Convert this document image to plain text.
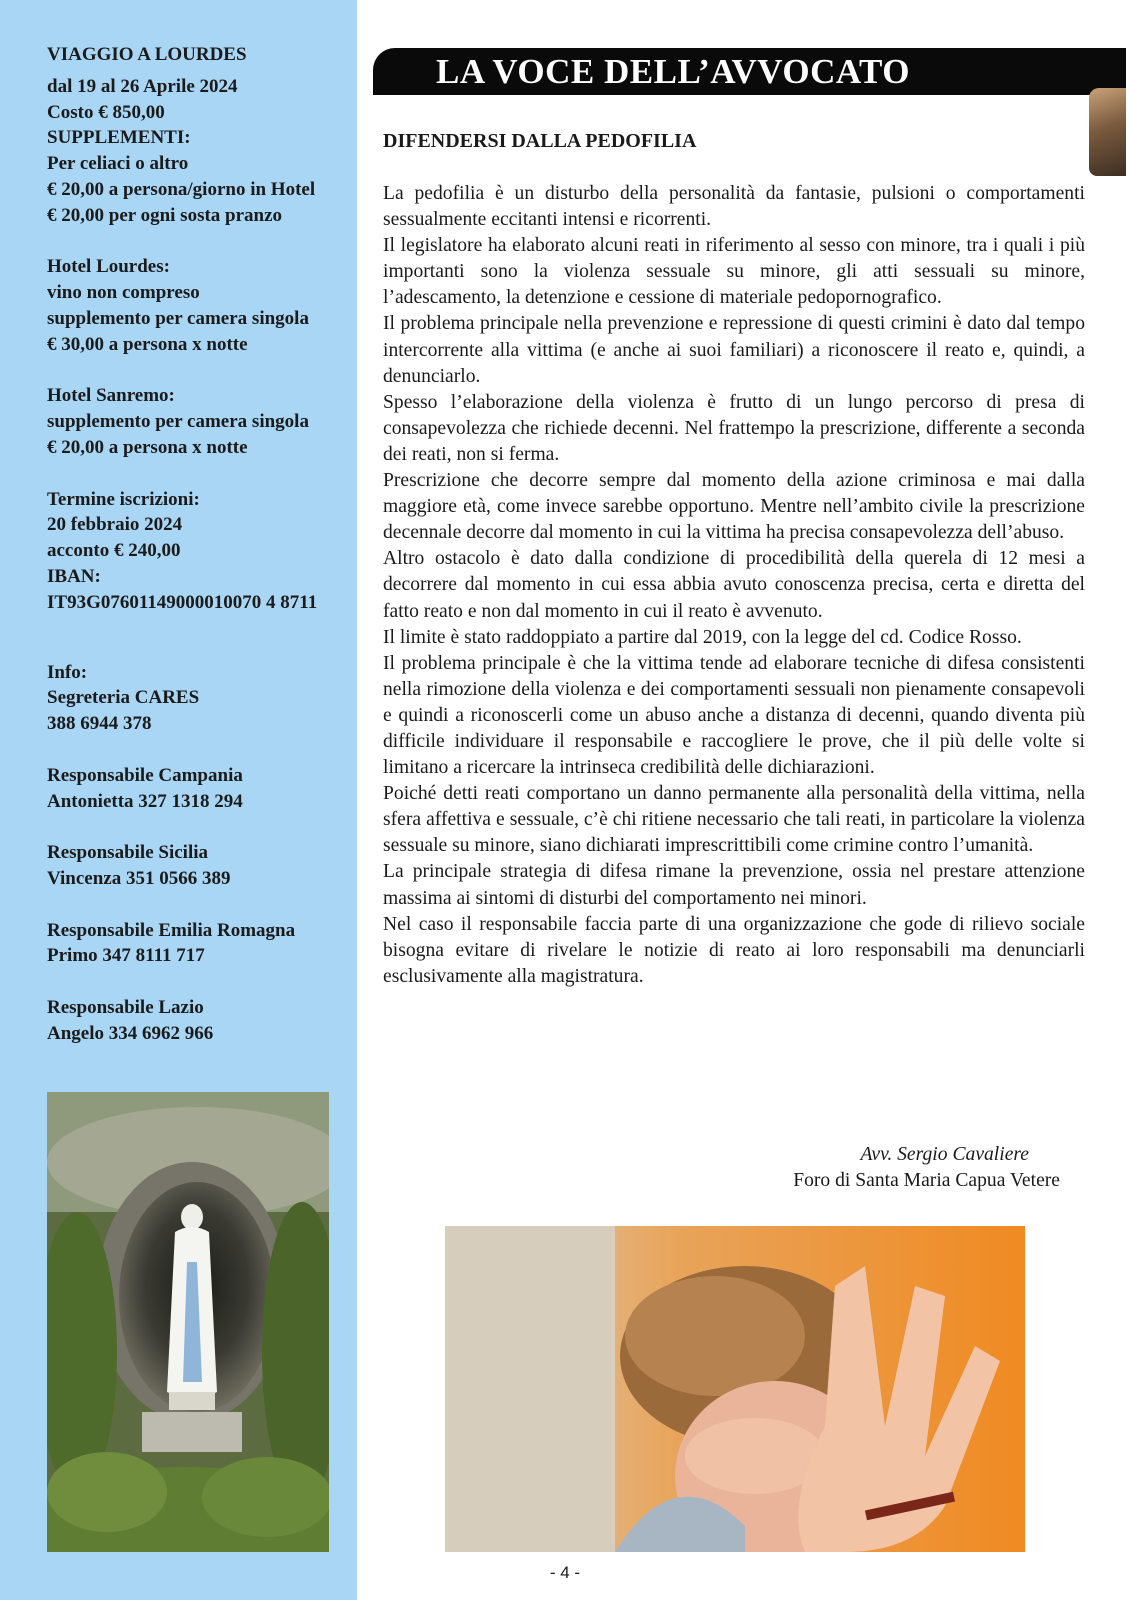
VIAGGIO A LOURDES
dal 19 al 26 Aprile 2024
Costo € 850,00
SUPPLEMENTI:
Per celiaci o altro
€ 20,00 a persona/giorno in Hotel
€ 20,00 per ogni sosta pranzo
Hotel Lourdes:
vino non compreso
supplemento per camera singola
€ 30,00 a persona x notte
Hotel Sanremo:
supplemento per camera singola
€ 20,00 a persona x notte
Termine iscrizioni:
20 febbraio 2024
acconto € 240,00
IBAN:
IT93G07601149000010070 4 8711
Info:
Segreteria CARES
388 6944 378
Responsabile Campania
Antonietta 327 1318 294
Responsabile Sicilia
Vincenza 351 0566 389
Responsabile Emilia Romagna
Primo 347 8111 717
Responsabile Lazio
Angelo 334 6962 966
LA VOCE DELL’AVVOCATO
DIFENDERSI DALLA PEDOFILIA

La pedofilia è un disturbo della personalità da fantasie, pulsioni o comportamenti sessualmente eccitanti intensi e ricorrenti.

Il legislatore ha elaborato alcuni reati in riferimento al sesso con minore, tra i quali i più importanti sono la violenza sessuale su minore, gli atti sessuali su minore, l’adescamento, la detenzione e cessione di materiale pedopornografico.

Il problema principale nella prevenzione e repressione di questi crimini è dato dal tempo intercorrente alla vittima (e anche ai suoi familiari) a riconoscere il reato e, quindi, a denunciarlo.

Spesso l’elaborazione della violenza è frutto di un lungo percorso di presa di consapevolezza che richiede decenni. Nel frattempo la prescrizione, differente a seconda dei reati, non si ferma.

Prescrizione che decorre sempre dal momento della azione criminosa e mai dalla maggiore età, come invece sarebbe opportuno. Mentre nell’ambito civile la prescrizione decennale decorre dal momento in cui la vittima ha precisa consapevolezza dell’abuso.

Altro ostacolo è dato dalla condizione di procedibilità della querela di 12 mesi a decorrere dal momento in cui essa abbia avuto conoscenza precisa, certa e diretta del fatto reato e non dal momento in cui il reato è avvenuto.

Il limite è stato raddoppiato a partire dal 2019, con la legge del cd. Codice Rosso.

Il problema principale è che la vittima tende ad elaborare tecniche di difesa consistenti nella rimozione della violenza e dei comportamenti sessuali non pienamente consapevoli e quindi a riconoscerli come un abuso anche a distanza di decenni, quando diventa più difficile individuare il responsabile e raccogliere le prove, che il più delle volte si limitano a ricercare la intrinseca credibilità delle dichiarazioni.

Poiché detti reati comportano un danno permanente alla personalità della vittima, nella sfera affettiva e sessuale, c’è chi ritiene necessario che tali reati, in particolare la violenza sessuale su minore, siano dichiarati imprescrittibili come crimine contro l’umanità.

La principale strategia di difesa rimane la prevenzione, ossia nel prestare attenzione massima ai sintomi di disturbi del comportamento nei minori.

Nel caso il responsabile faccia parte di una organizzazione che gode di rilievo sociale bisogna evitare di rivelare le notizie di reato ai loro responsabili ma denunciarli esclusivamente alla magistratura.

Avv. Sergio Cavaliere
Foro di Santa Maria Capua Vetere
- 4 -
